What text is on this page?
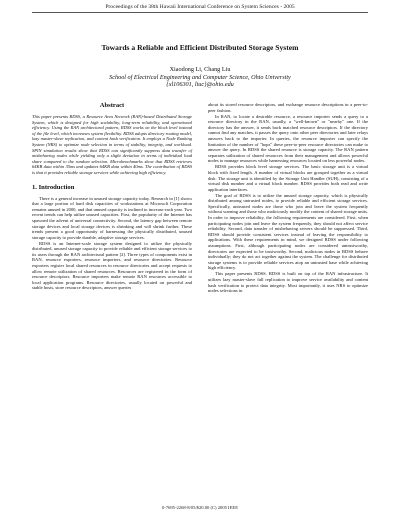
Proceedings of the 38th Hawaii International Conference on System Sciences - 2005
Towards a Reliable and Efficient Distributed Storage System
Xiaodong Li, Chang Liu
School of Electrical Engineering and Computer Science, Ohio University
{xl106301, liuc}@ohio.edu
Abstract
This paper presents RDSS, a Resource Area Network (RAN)-based Distributed Storage System, which is designed for high scalability, long-term reliability, and operational efficiency. Using the RAN architectural pattern, RDSS works on the block level instead of the file level, which increases system flexibility. RDSS adopts directory routing model, lazy master-slave replication, and content hash verification. It employs a Node Ranking System (NRS) to optimize node selection in terms of stability, integrity, and workload. SPIN simulation results show that RDSS can significantly suppress data transfer of misbehaving nodes while yielding only a slight deviation in terms of individual load share compared to the random selection. Microbenchmarks show that RDSS retrieves 64KB data within 35ms and updates 64KB data within 40ms. The contribution of RDSS is that it provides reliable storage services while achieving high efficiency.
1. Introduction

There is a general increase in unused storage capacity today. Research in [1] shows that a large portion of hard disk capacities of workstations at Microsoft Corporation remains unused in 2000, and that unused capacity is inclined to increase each year. Two recent trends can help utilize unused capacities. First, the popularity of the Internet has spawned the advent of universal connectivity. Second, the latency gap between remote storage devices and local storage devices is shrinking and will shrink further. These trends present a good opportunity of harnessing the physically distributed, unused storage capacity to provide durable, adaptive storage services.

RDSS is an Internet-scale storage system designed to utilize the physically distributed, unused storage capacity to provide reliable and efficient storage services to its users through the RAN architectural pattern [2]. Three types of components exist in RAN, resource exporters, resource importers, and resource directories. Resource exporters register local shared resources in resource directories and accept requests to allow remote utilization of shared resources. Resources are registered in the form of resource descriptors. Resource importers make remote RAN resources accessible to local application programs. Resource directories, usually located on powerful and stable hosts, store resource descriptors, answer queries

about its stored resource descriptors, and exchange resource descriptions in a peer-to-peer fashion.

In RAN, to locate a desirable resource, a resource importer sends a query to a resource directory in the RAN, usually, a "well-known" or "nearby" one. If the directory has the answer, it sends back matched resource descriptors. If the directory cannot find any matches, it passes the query onto other peer directories and later relays answers back to the importer. In queries, the resource importer can specify the limitation of the number of "hops" these peer-to-peer resource directories can make to answer the query. In RDSS the shared resource is storage capacity. The RAN pattern separates utilization of shared resources from their management and allows powerful nodes to manage resources while harnessing resources located on less powerful nodes.

RDSS provides block level storage services. The basic storage unit is a virtual block with fixed length. A number of virtual blocks are grouped together as a virtual disk. The storage unit is identified by the Storage Unit Handler (SUH), consisting of a virtual disk number and a virtual block number. RDSS provides both read and write application interfaces.

The goal of RDSS is to utilize the unused storage capacity, which is physically distributed among untrusted nodes, to provide reliable and efficient storage services. Specifically, untrusted nodes are those who join and leave the system frequently without warning and those who maliciously modify the content of shared storage units. In order to improve reliability, the following requirements are considered. First, when participating nodes join and leave the system frequently, they should not affect service reliability. Second, data transfer of misbehaving servers should be suppressed. Third, RDSS should provide consistent services instead of leaving the responsibility to applications. With these requirements in mind, we designed RDSS under following assumptions. First, although participating nodes are considered untrustworthy, directories are expected to be trustworthy. Second, malicious nodes in RDSS behave individually; they do not act together against the system. The challenge for distributed storage systems is to provide reliable services atop an untrusted base while achieving high efficiency.

This paper presents RDSS. RDSS is built on top of the RAN infrastructure. It utilizes lazy master-slave full replication to improve service availability and content hash verification to protect data integrity. Most importantly, it uses NRS to optimize nodes selections in

0-7695-2268-8/05/$20.00 (C) 2005 IEEE
